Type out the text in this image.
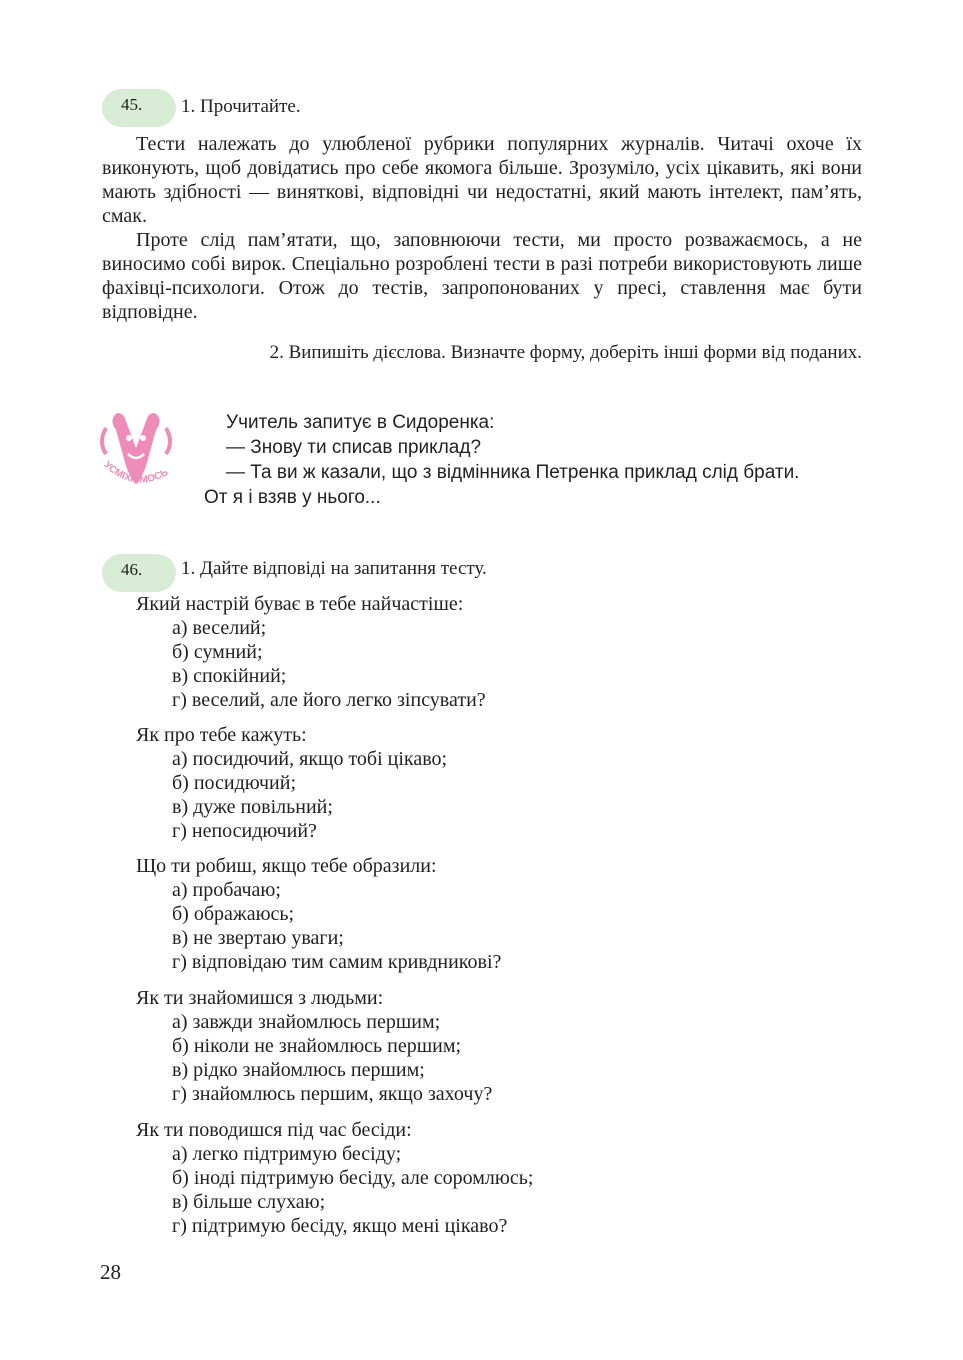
45. 1. Прочитайте.

Тести належать до улюбленої рубрики популярних журналів. Читачі охоче їх виконують, щоб довідатись про себе якомога більше. Зрозуміло, усіх цікавить, які вони мають здібності — виняткові, відповідні чи недостатні, який мають інтелект, пам’ять, смак.

Проте слід пам’ятати, що, заповнюючи тести, ми просто розважаємось, а не виносимо собі вирок. Спеціально розроблені тести в разі потреби використовують лише фахівці-психологи. Отож до тестів, запропонованих у пресі, ставлення має бути відповідне.

2. Випишіть дієслова. Визначте форму, доберіть інші форми від поданих.
УСМІХНІМОСЬ
Учитель запитує в Сидоренка:
— Знову ти списав приклад?
— Та ви ж казали, що з відмінника Петренка приклад слід брати.
От я і взяв у нього...
46. 1. Дайте відповіді на запитання тесту.
Який настрій буває в тебе найчастіше:
а) веселий;
б) сумний;
в) спокійний;
г) веселий, але його легко зіпсувати?
Як про тебе кажуть:
а) посидючий, якщо тобі цікаво;
б) посидючий;
в) дуже повільний;
г) непосидючий?
Що ти робиш, якщо тебе образили:
а) пробачаю;
б) ображаюсь;
в) не звертаю уваги;
г) відповідаю тим самим кривдникові?
Як ти знайомишся з людьми:
а) завжди знайомлюсь першим;
б) ніколи не знайомлюсь першим;
в) рідко знайомлюсь першим;
г) знайомлюсь першим, якщо захочу?
Як ти поводишся під час бесіди:
а) легко підтримую бесіду;
б) іноді підтримую бесіду, але соромлюсь;
в) більше слухаю;
г) підтримую бесіду, якщо мені цікаво?
28
